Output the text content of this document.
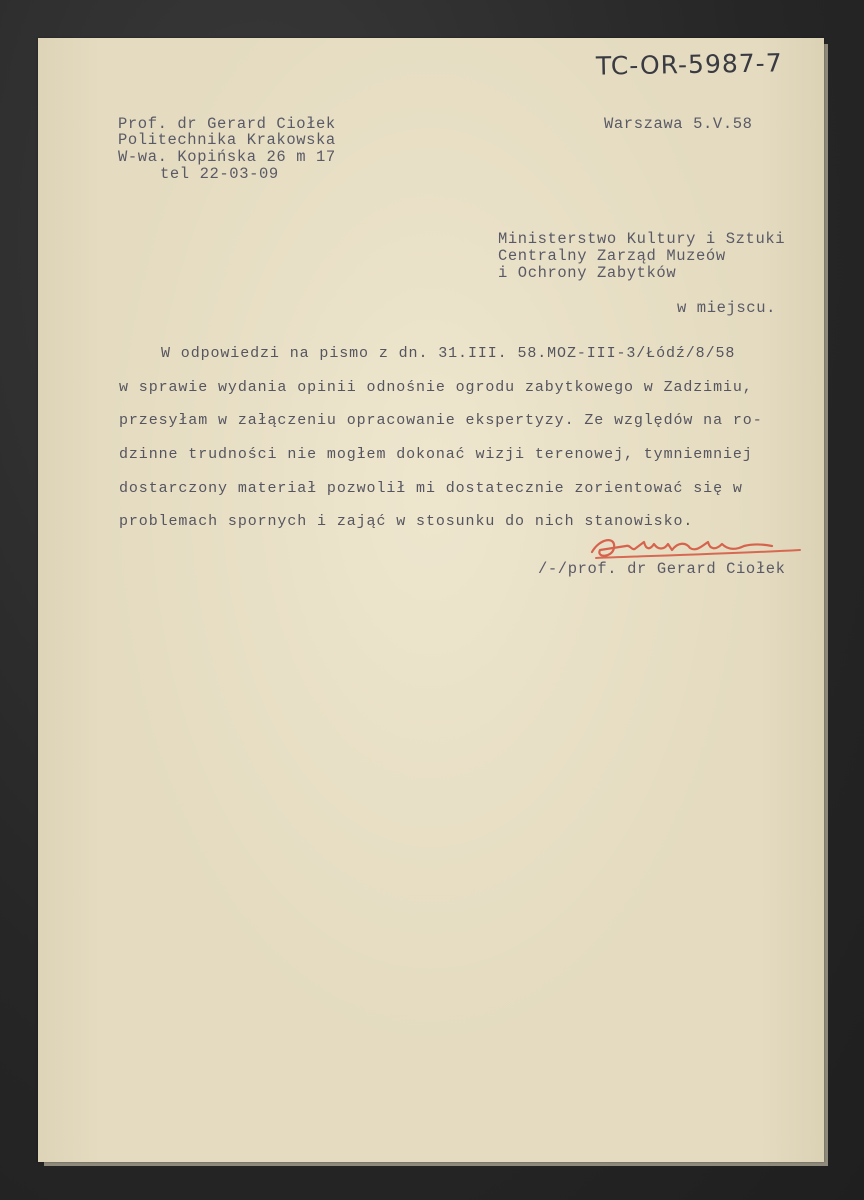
TC-OR-5987-7
Prof. dr Gerard Ciołek
Politechnika Krakowska
W-wa. Kopińska 26 m 17
tel 22-03-09
Warszawa 5.V.58
Ministerstwo Kultury i Sztuki
Centralny Zarząd Muzeów
i Ochrony Zabytków
w miejscu.
W odpowiedzi na pismo z dn. 31.III. 58.MOZ-III-3/Łódź/8/58
w sprawie wydania opinii odnośnie ogrodu zabytkowego w Zadzimiu,
przesyłam w załączeniu opracowanie ekspertyzy. Ze względów na ro-
dzinne trudności nie mogłem dokonać wizji terenowej, tymniemniej
dostarczony materiał pozwolił mi dostatecznie zorientować się w
problemach spornych i zająć w stosunku do nich stanowisko.
/-/prof. dr Gerard Ciołek
